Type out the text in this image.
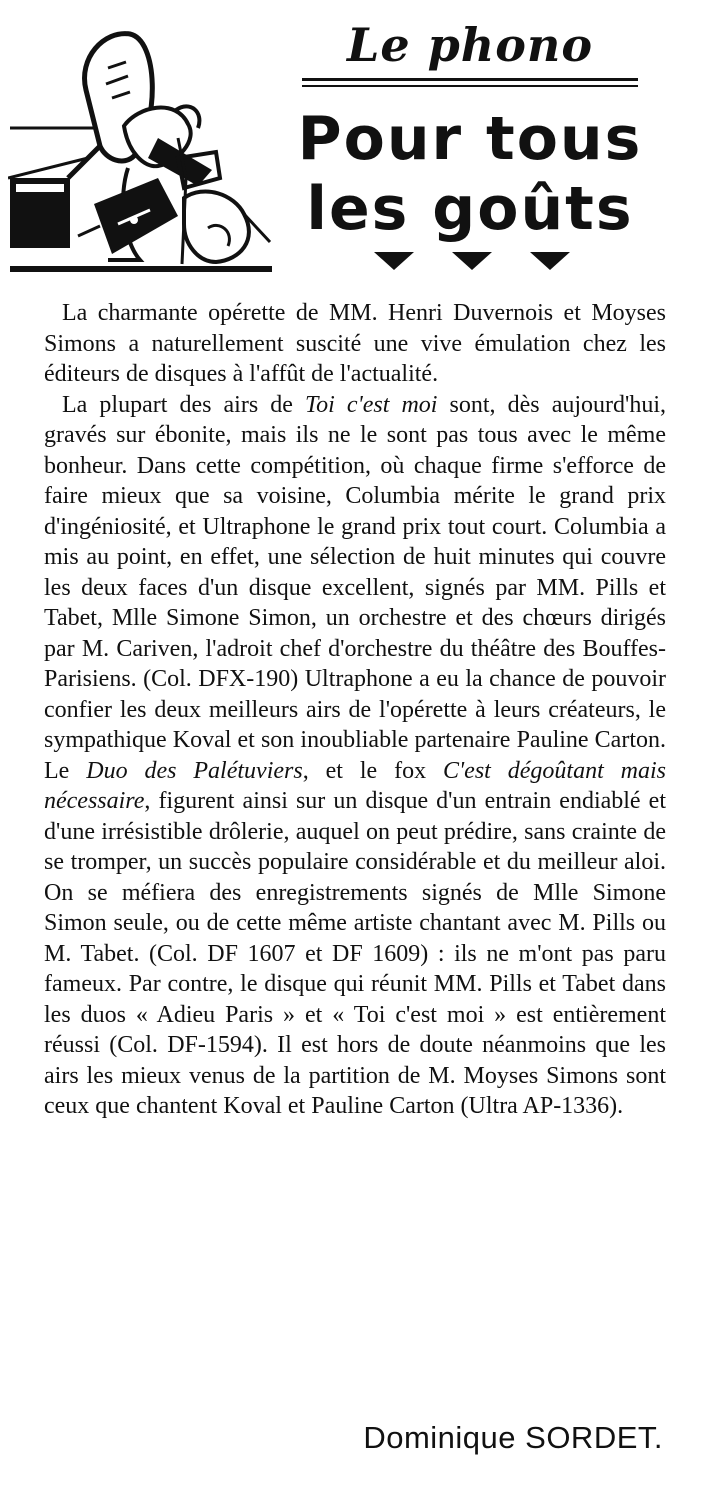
Le phono
Pour tous
les goûts

La charmante opérette de MM. Henri Duvernois et Moyses Simons a naturellement suscité une vive émulation chez les éditeurs de disques à l'affût de l'actualité.

La plupart des airs de Toi c'est moi sont, dès aujourd'hui, gravés sur ébonite, mais ils ne le sont pas tous avec le même bonheur. Dans cette compétition, où chaque firme s'efforce de faire mieux que sa voisine, Columbia mérite le grand prix d'ingéniosité, et Ultraphone le grand prix tout court. Columbia a mis au point, en effet, une sélection de huit minutes qui couvre les deux faces d'un disque excellent, signés par MM. Pills et Tabet, Mlle Simone Simon, un orchestre et des chœurs dirigés par M. Cariven, l'adroit chef d'orchestre du théâtre des Bouffes-Parisiens. (Col. DFX-190) Ultraphone a eu la chance de pouvoir confier les deux meilleurs airs de l'opérette à leurs créateurs, le sympathique Koval et son inoubliable partenaire Pauline Carton. Le Duo des Palétuviers, et le fox C'est dégoûtant mais nécessaire, figurent ainsi sur un disque d'un entrain endiablé et d'une irrésistible drôlerie, auquel on peut prédire, sans crainte de se tromper, un succès populaire considérable et du meilleur aloi. On se méfiera des enregistrements signés de Mlle Simone Simon seule, ou de cette même artiste chantant avec M. Pills ou M. Tabet. (Col. DF 1607 et DF 1609) : ils ne m'ont pas paru fameux. Par contre, le disque qui réunit MM. Pills et Tabet dans les duos « Adieu Paris » et « Toi c'est moi » est entièrement réussi (Col. DF-1594). Il est hors de doute néanmoins que les airs les mieux venus de la partition de M. Moyses Simons sont ceux que chantent Koval et Pauline Carton (Ultra AP-1336).

Dominique SORDET.
